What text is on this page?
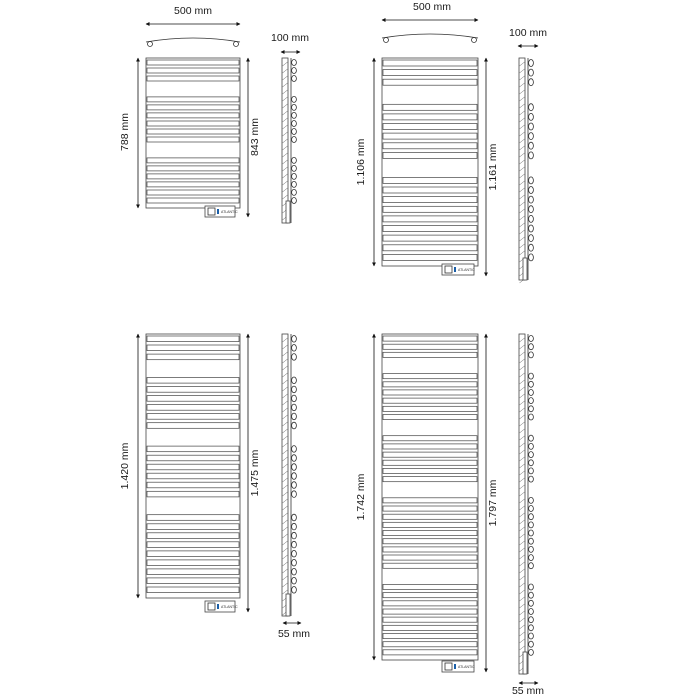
500 mm
100 mm
ATLANTIC
788 mm	843 mm
500 mm
100 mm
ATLANTIC
1.106 mm	1.161 mm
ATLANTIC
1.420 mm	1.475 mm
55 mm
ATLANTIC
1.742 mm	1.797 mm
55 mm
